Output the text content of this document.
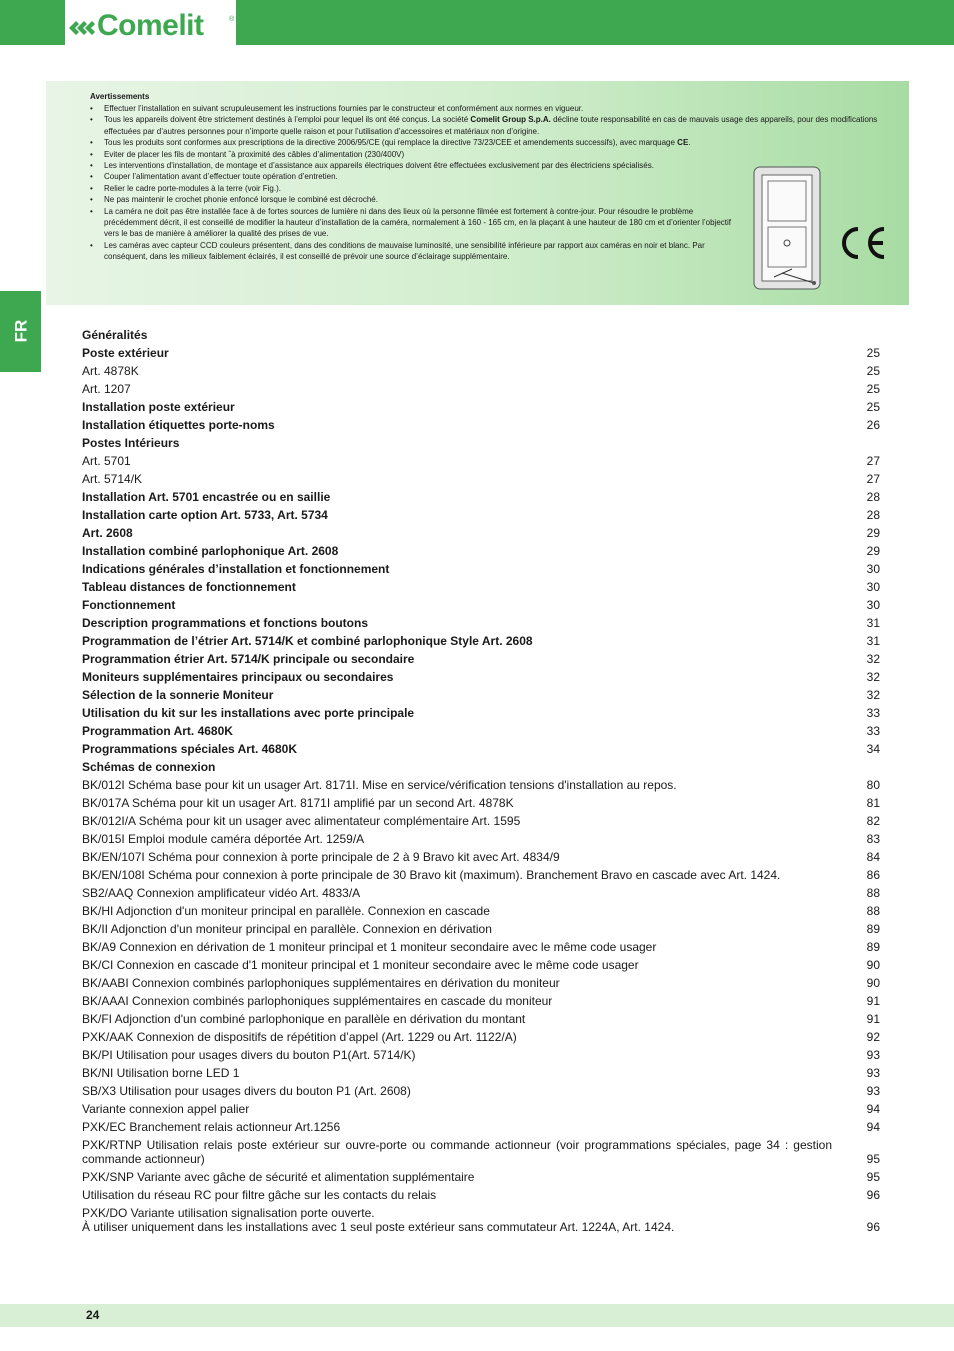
Comelit	®
Avertissements
• Effectuer l’installation en suivant scrupuleusement les instructions fournies par le constructeur et conformément aux normes en vigueur.
• Tous les appareils doivent être strictement destinés à l’emploi pour lequel ils ont été conçus. La société Comelit Group S.p.A. décline toute responsabilité en cas de mauvais usage des appareils, pour des modifications effectuées par d’autres personnes pour n’importe quelle raison et pour l’utilisation d’accessoires et matériaux non d’origine.
• Tous les produits sont conformes aux prescriptions de la directive 2006/95/CE (qui remplace la directive 73/23/CEE et amendements successifs), avec marquage CE.
• Eviter de placer les fils de montant ˆà proximité des câbles d’alimentation (230/400V)
• Les interventions d’installation, de montage et d’assistance aux appareils électriques doivent être effectuées exclusivement par des électriciens spécialisés.
• Couper l’alimentation avant d’effectuer toute opération d’entretien.
• Relier le cadre porte-modules à la terre (voir Fig.).
• Ne pas maintenir le crochet phonie enfoncé lorsque le combiné est décroché.
• La caméra ne doit pas être installée face à de fortes sources de lumière ni dans des lieux où la personne filmée est fortement à contre-jour. Pour résoudre le problème précédemment décrit, il est conseillé de modifier la hauteur d’installation de la caméra, normalement à 160 - 165 cm, en la plaçant à une hauteur de 180 cm et d’orienter l’objectif vers le bas de manière à améliorer la qualité des prises de vue.
• Les caméras avec capteur CCD couleurs présentent, dans des conditions de mauvaise luminosité, une sensibilité inférieure par rapport aux caméras en noir et blanc. Par conséquent, dans les milieux faiblement éclairés, il est conseillé de prévoir une source d’éclairage supplémentaire.
FR	Généralités
Poste extérieur	25
Art. 4878K	25
Art. 1207	25
Installation poste extérieur	25
Installation étiquettes porte-noms	26
Postes Intérieurs
Art. 5701	27
Art. 5714/K	27
Installation Art. 5701 encastrée ou en saillie	28
Installation carte option Art. 5733, Art. 5734	28
Art. 2608	29
Installation combiné parlophonique Art. 2608	29
Indications générales d’installation et fonctionnement	30
Tableau distances de fonctionnement	30
Fonctionnement	30
Description programmations et fonctions boutons	31
Programmation de l’étrier Art. 5714/K et combiné parlophonique Style Art. 2608	31
Programmation étrier Art. 5714/K principale ou secondaire	32
Moniteurs supplémentaires principaux ou secondaires	32
Sélection de la sonnerie Moniteur	32
Utilisation du kit sur les installations avec porte principale	33
Programmation Art. 4680K	33
Programmations spéciales Art. 4680K	34
Schémas de connexion
BK/012I Schéma base pour kit un usager Art. 8171I. Mise en service/vérification tensions d'installation au repos.	80
BK/017A Schéma pour kit un usager Art. 8171I amplifié par un second Art. 4878K	81
BK/012I/A Schéma pour kit un usager avec alimentateur complémentaire Art. 1595	82
BK/015I Emploi module caméra déportée Art. 1259/A	83
BK/EN/107I Schéma pour connexion à porte principale de 2 à 9 Bravo kit avec Art. 4834/9	84
BK/EN/108I Schéma pour connexion à porte principale de 30 Bravo kit (maximum). Branchement Bravo en cascade avec Art. 1424.	86
SB2/AAQ Connexion amplificateur vidéo Art. 4833/A	88
BK/HI Adjonction d'un moniteur principal en parallèle. Connexion en cascade	88
BK/II Adjonction d'un moniteur principal en parallèle. Connexion en dérivation	89
BK/A9 Connexion en dérivation de 1 moniteur principal et 1 moniteur secondaire avec le même code usager	89
BK/CI Connexion en cascade d'1 moniteur principal et 1 moniteur secondaire avec le même code usager	90
BK/AABI Connexion combinés parlophoniques supplémentaires en dérivation du moniteur	90
BK/AAAI Connexion combinés parlophoniques supplémentaires en cascade du moniteur	91
BK/FI Adjonction d'un combiné parlophonique en parallèle en dérivation du montant	91
PXK/AAK Connexion de dispositifs de répétition d’appel (Art. 1229 ou Art. 1122/A)	92
BK/PI Utilisation pour usages divers du bouton P1(Art. 5714/K)	93
BK/NI Utilisation borne LED 1	93
SB/X3 Utilisation pour usages divers du bouton P1 (Art. 2608)	93
Variante connexion appel palier	94
PXK/EC Branchement relais actionneur Art.1256	94
PXK/RTNP Utilisation relais poste extérieur sur ouvre-porte ou commande actionneur (voir programmations spéciales, page 34 : gestion commande actionneur)	95
PXK/SNP Variante avec gâche de sécurité et alimentation supplémentaire	95
Utilisation du réseau RC pour filtre gâche sur les contacts du relais	96
PXK/DO Variante utilisation signalisation porte ouverte.
À utiliser uniquement dans les installations avec 1 seul poste extérieur sans commutateur Art. 1224A, Art. 1424.	96
24
